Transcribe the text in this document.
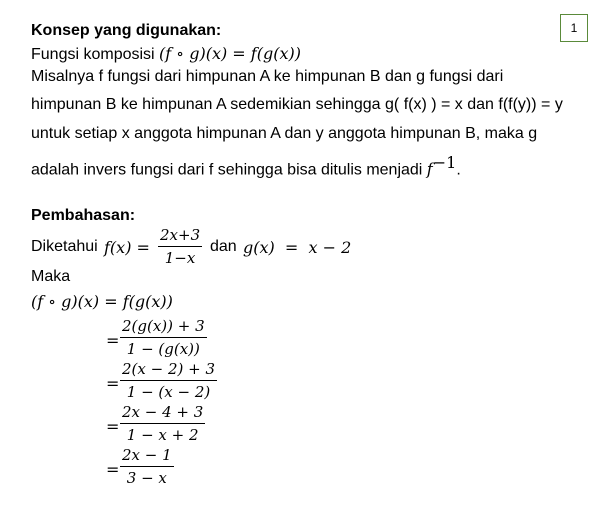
1
Konsep yang digunakan:
Fungsi komposisi (f ∘ g)(x) = f(g(x))
Misalnya f fungsi dari himpunan A ke himpunan B dan g fungsi dari
himpunan B ke himpunan A sedemikian sehingga g( f(x) ) = x dan f(f(y)) = y
untuk setiap x anggota himpunan A dan y anggota himpunan B, maka g
adalah invers fungsi dari f sehingga bisa ditulis menjadi $f^{-1}$.
Pembahasan:
Diketahui f(x) =
2x+3
1−x
dan g(x)  =  x − 2
Maka
(f ∘ g)(x) = f(g(x))
=
2(g(x)) + 3
1 − (g(x))
=
2(x − 2) + 3
1 − (x − 2)
=
2x − 4 + 3
1 − x + 2
=
2x − 1
3 − x
